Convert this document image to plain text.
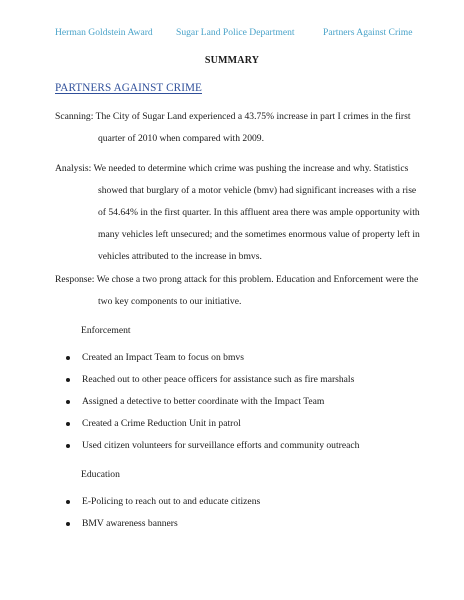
Herman Goldstein Award Sugar Land Police Department	Partners Against Crime
SUMMARY
PARTNERS AGAINST CRIME
Scanning: The City of Sugar Land experienced a 43.75% increase in part I crimes in the first
quarter of 2010 when compared with 2009.
Analysis: We needed to determine which crime was pushing the increase and why. Statistics
showed that burglary of a motor vehicle (bmv) had significant increases with a rise
of 54.64% in the first quarter. In this affluent area there was ample opportunity with
many vehicles left unsecured; and the sometimes enormous value of property left in
vehicles attributed to the increase in bmvs.
Response: We chose a two prong attack for this problem. Education and Enforcement were the
two key components to our initiative.
Enforcement
Created an Impact Team to focus on bmvs
Reached out to other peace officers for assistance such as fire marshals
Assigned a detective to better coordinate with the Impact Team
Created a Crime Reduction Unit in patrol
Used citizen volunteers for surveillance efforts and community outreach
Education
E-Policing to reach out to and educate citizens
BMV awareness banners
